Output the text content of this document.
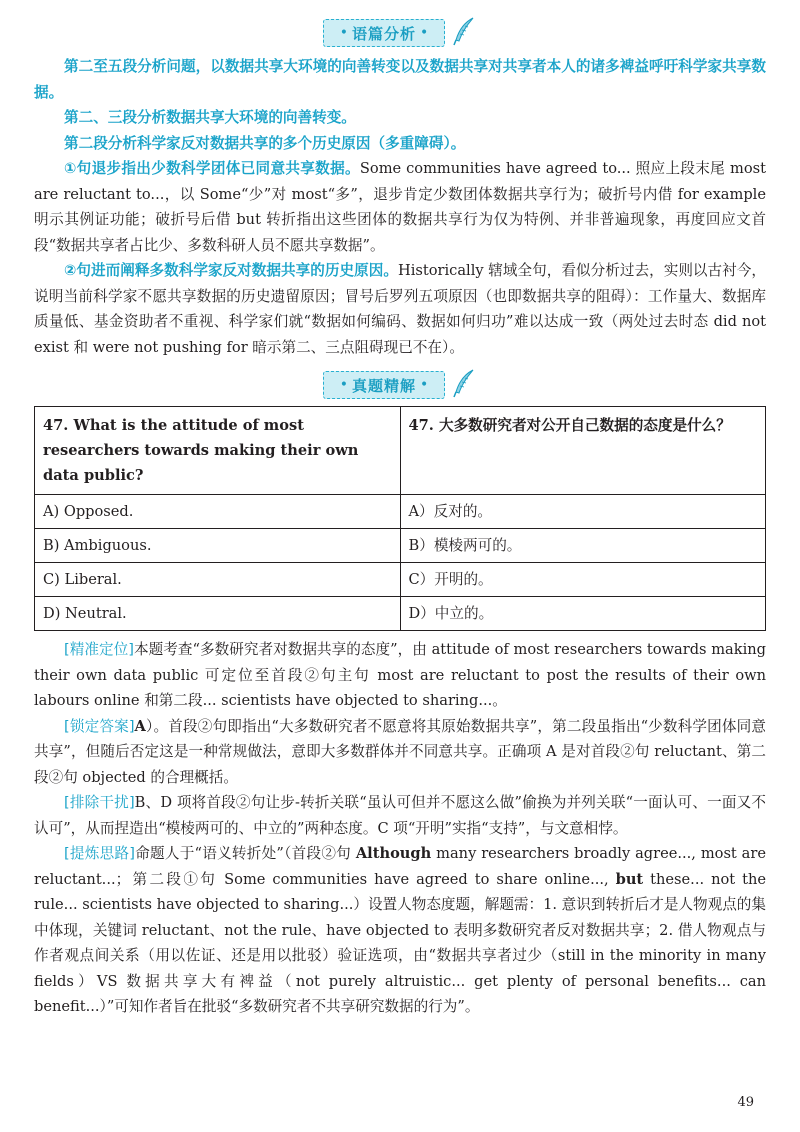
• 语篇分析 •

第二至五段分析问题，以数据共享大环境的向善转变以及数据共享对共享者本人的诸多裨益呼吁科学家共享数据。

第二、三段分析数据共享大环境的向善转变。

第二段分析科学家反对数据共享的多个历史原因（多重障碍）。

①句退步指出少数科学团体已同意共享数据。Some communities have agreed to... 照应上段末尾 most are reluctant to...，以 Some“少”对 most“多”，退步肯定少数团体数据共享行为；破折号内借 for example 明示其例证功能；破折号后借 but 转折指出这些团体的数据共享行为仅为特例、并非普遍现象，再度回应文首段“数据共享者占比少、多数科研人员不愿共享数据”。

②句进而阐释多数科学家反对数据共享的历史原因。Historically 辖域全句，看似分析过去，实则以古衬今，说明当前科学家不愿共享数据的历史遗留原因；冒号后罗列五项原因（也即数据共享的阻碍）：工作量大、数据库质量低、基金资助者不重视、科学家们就“数据如何编码、数据如何归功”难以达成一致（两处过去时态 did not exist 和 were not pushing for 暗示第二、三点阻碍现已不在）。

• 真题精解 •
47. What is the attitude of most researchers towards making their own data public?	47. 大多数研究者对公开自己数据的态度是什么？
A) Opposed.	A）反对的。
B) Ambiguous.	B）模棱两可的。
C) Liberal.	C）开明的。
D) Neutral.	D）中立的。

[精准定位]本题考查“多数研究者对数据共享的态度”，由 attitude of most researchers towards making their own data public 可定位至首段②句主句 most are reluctant to post the results of their own labours online 和第二段... scientists have objected to sharing...。

[锁定答案]A）。首段②句即指出“大多数研究者不愿意将其原始数据共享”，第二段虽指出“少数科学团体同意共享”，但随后否定这是一种常规做法，意即大多数群体并不同意共享。正确项 A 是对首段②句 reluctant、第二段②句 objected 的合理概括。

[排除干扰]B、D 项将首段②句让步-转折关联“虽认可但并不愿这么做”偷换为并列关联“一面认可、一面又不认可”，从而捏造出“模棱两可的、中立的”两种态度。C 项“开明”实指“支持”，与文意相悖。

[提炼思路]命题人于“语义转折处”（首段②句 Although many researchers broadly agree..., most are reluctant...；第二段①句 Some communities have agreed to share online..., but these... not the rule... scientists have objected to sharing...）设置人物态度题，解题需：1. 意识到转折后才是人物观点的集中体现，关键词 reluctant、not the rule、have objected to 表明多数研究者反对数据共享；2. 借人物观点与作者观点间关系（用以佐证、还是用以批驳）验证选项，由“数据共享者过少（still in the minority in many fields）VS 数据共享大有裨益（not purely altruistic... get plenty of personal benefits... can benefit...）”可知作者旨在批驳“多数研究者不共享研究数据的行为”。

49
